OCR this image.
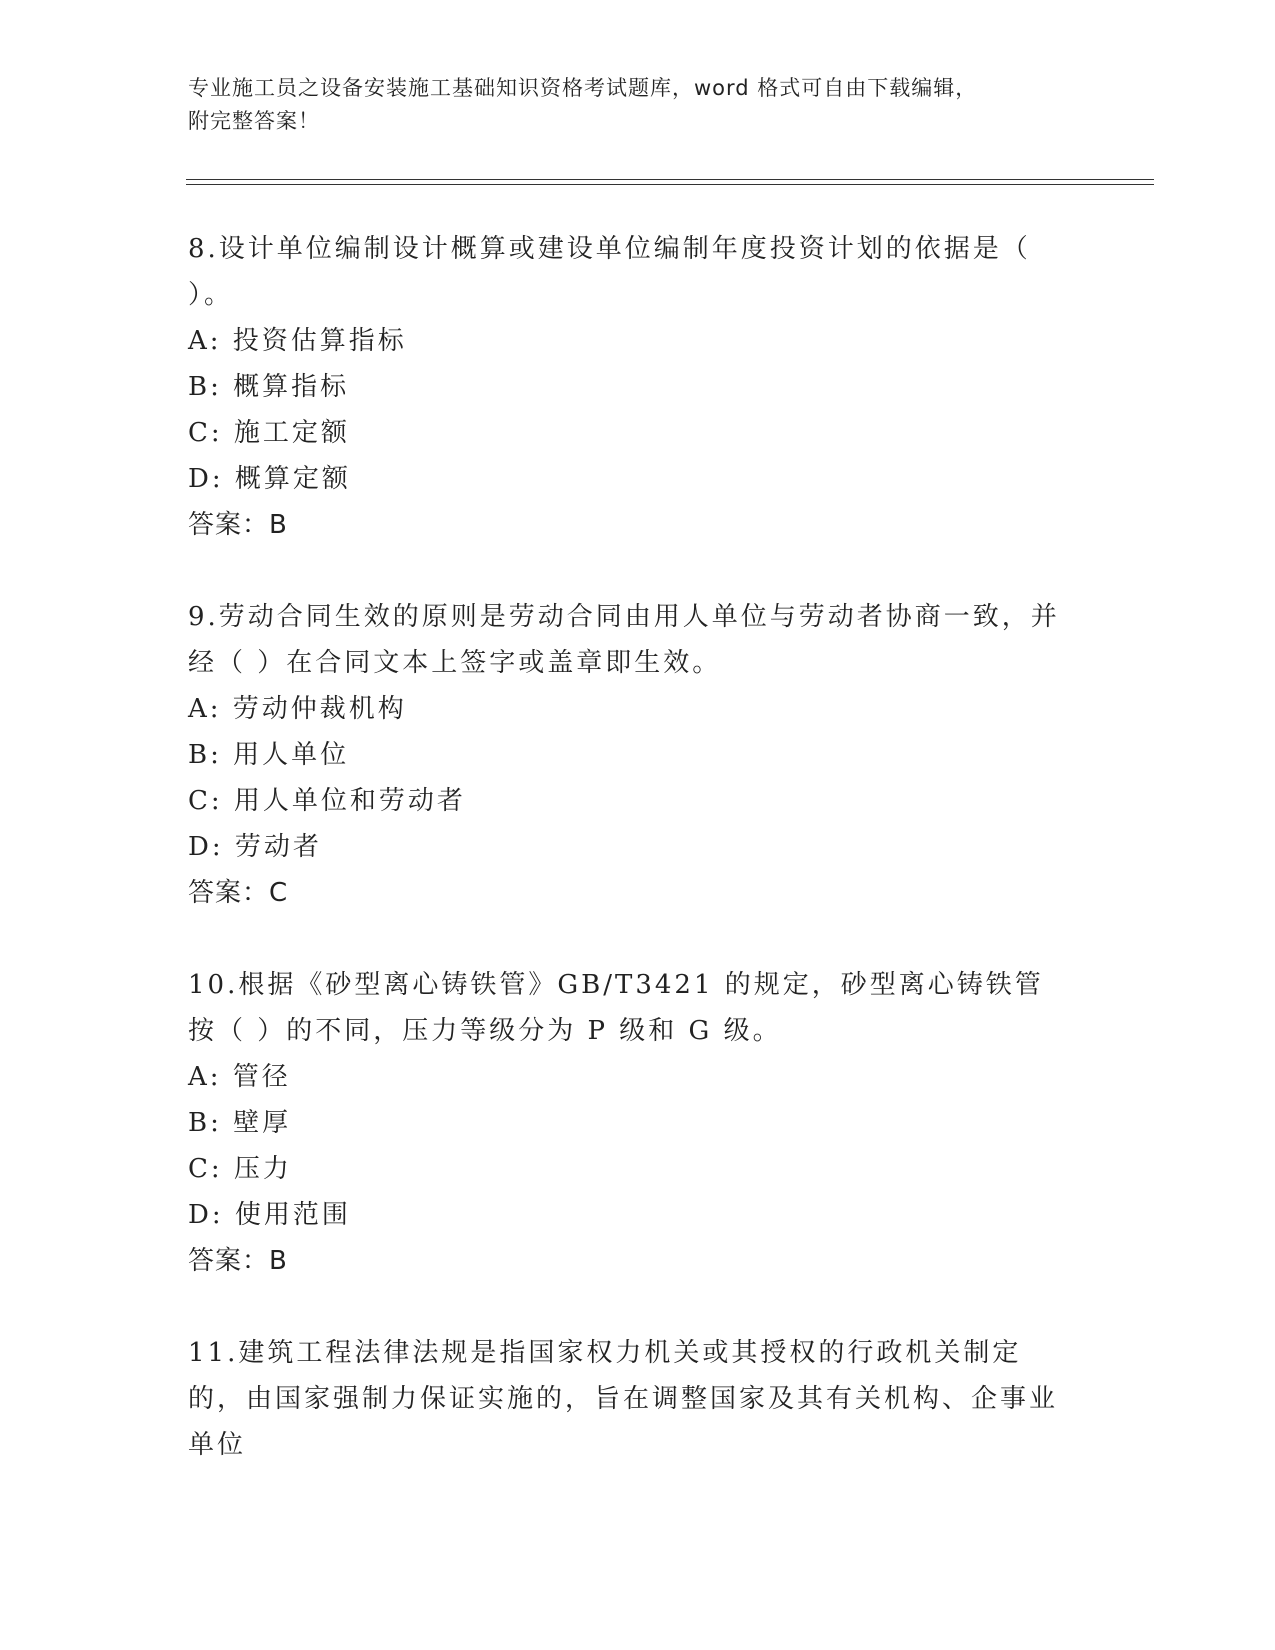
专业施工员之设备安装施工基础知识资格考试题库，word 格式可自由下载编辑，

附完整答案！

8.设计单位编制设计概算或建设单位编制年度投资计划的依据是（ ）。

A: 投资估算指标
B: 概算指标
C: 施工定额
D: 概算定额
答案：B

9.劳动合同生效的原则是劳动合同由用人单位与劳动者协商一致，并经（ ）在合同文本上签字或盖章即生效。

A: 劳动仲裁机构
B: 用人单位
C: 用人单位和劳动者
D: 劳动者
答案：C

10.根据《砂型离心铸铁管》GB/T3421 的规定，砂型离心铸铁管按（ ）的不同，压力等级分为 P 级和 G 级。

A: 管径
B: 壁厚
C: 压力
D: 使用范围
答案：B

11.建筑工程法律法规是指国家权力机关或其授权的行政机关制定的，由国家强制力保证实施的，旨在调整国家及其有关机构、企事业单位
